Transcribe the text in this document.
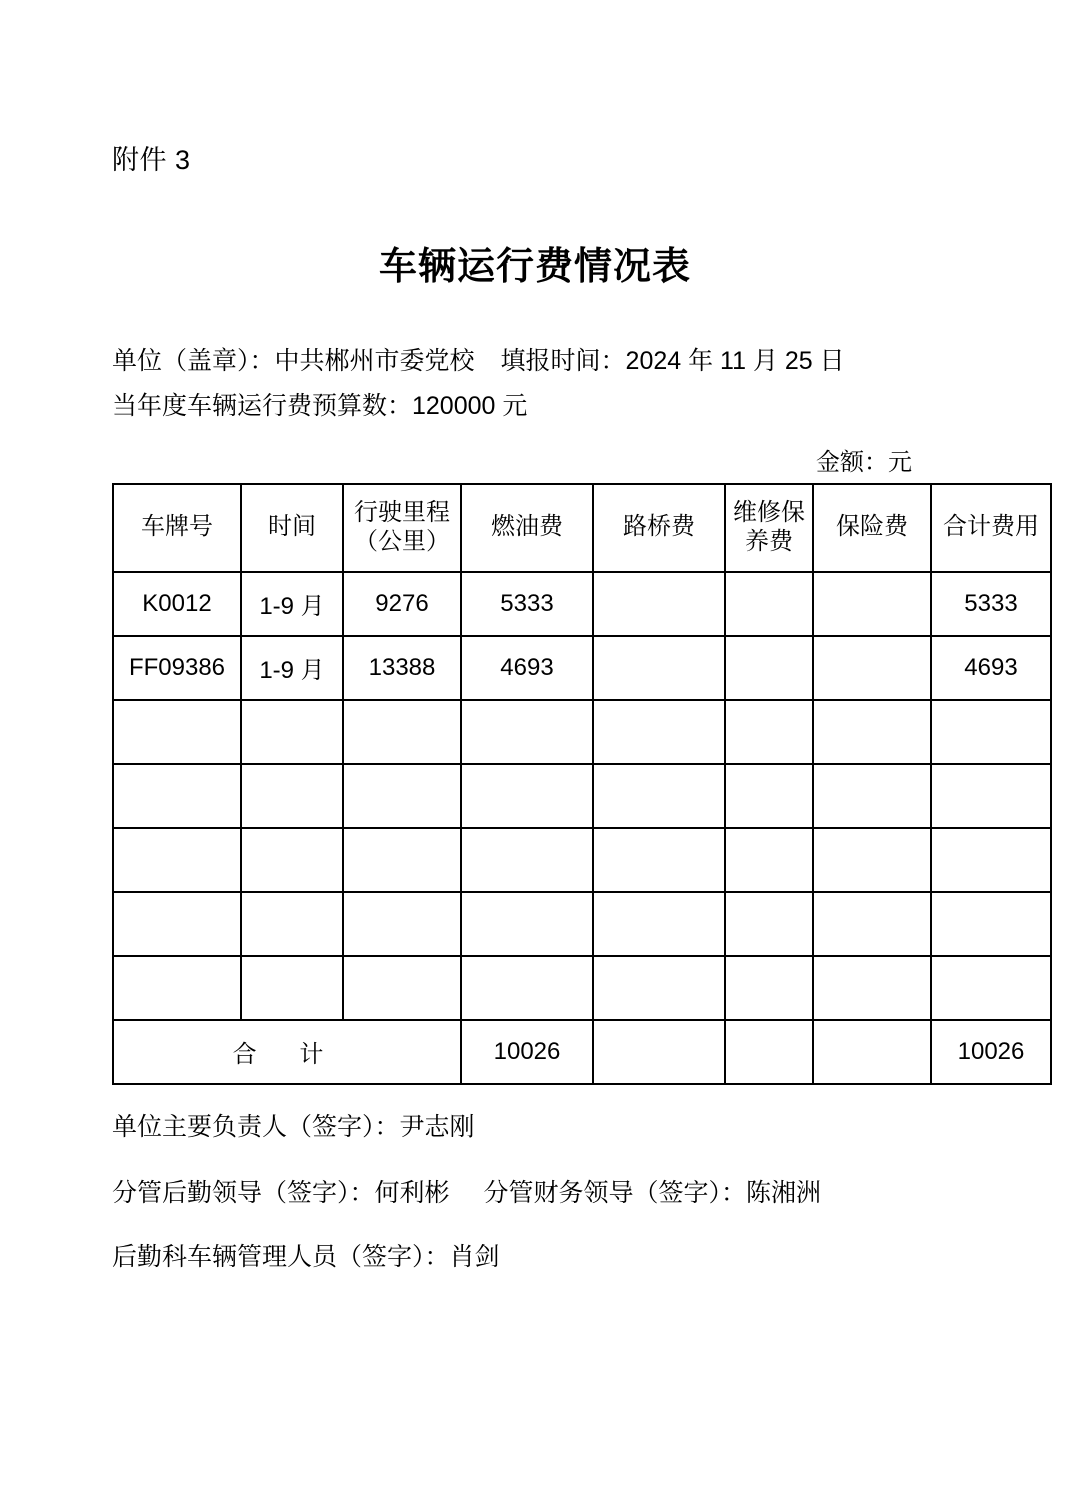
附件 3
车辆运行费情况表
单位（盖章）：中共郴州市委党校 填报时间：2024 年 11 月 25 日
当年度车辆运行费预算数：120000 元
金额：元
车牌号	时间	行驶里程（公里）	燃油费	路桥费	维修保养费	保险费	合计费用
K0012	1-9 月	9276	5333				5333
FF09386	1-9 月	13388	4693				4693

合 计			10026				10026
单位主要负责人（签字）：尹志刚
分管后勤领导（签字）：何利彬 分管财务领导（签字）：陈湘洲
后勤科车辆管理人员（签字）：肖剑
